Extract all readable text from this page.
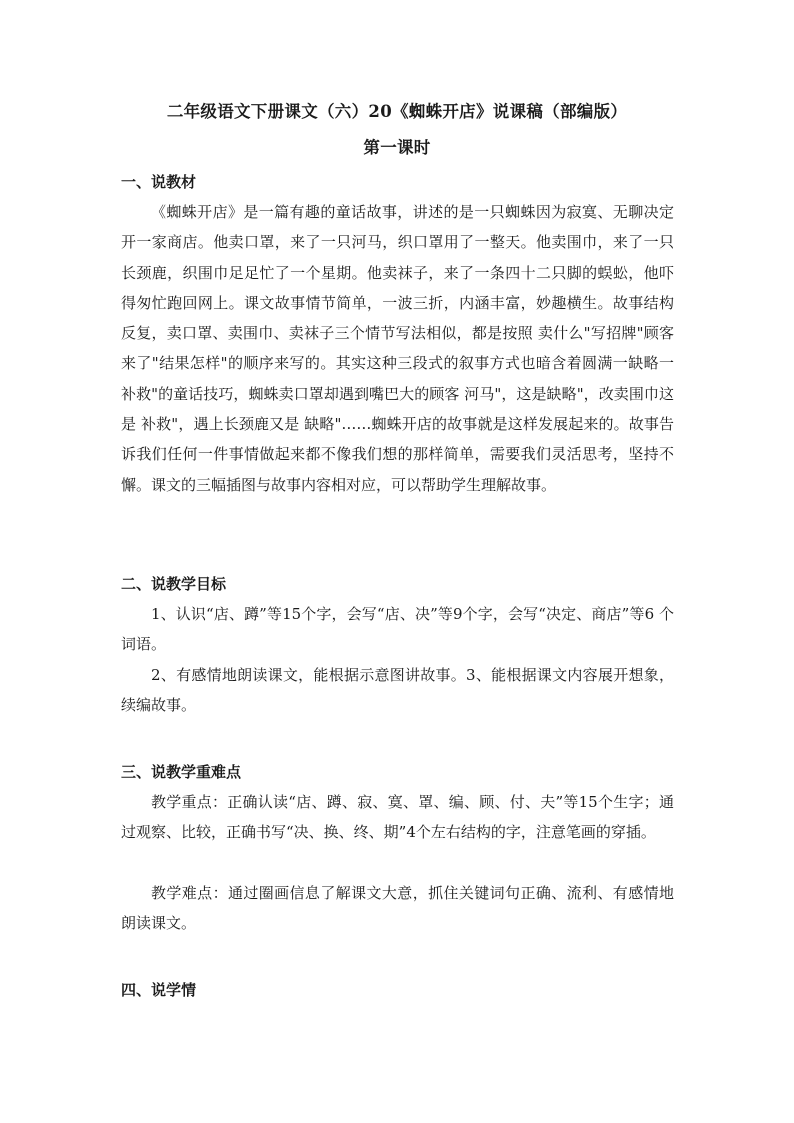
二年级语文下册课文（六）20《蜘蛛开店》说课稿（部编版）
第一课时
一、说教材

《蜘蛛开店》是一篇有趣的童话故事，讲述的是一只蜘蛛因为寂寞、无聊决定开一家商店。他卖口罩，来了一只河马，织口罩用了一整天。他卖围巾，来了一只长颈鹿，织围巾足足忙了一个星期。他卖袜子，来了一条四十二只脚的蜈蚣，他吓得匆忙跑回网上。课文故事情节简单，一波三折，内涵丰富，妙趣横生。故事结构反复，卖口罩、卖围巾、卖袜子三个情节写法相似，都是按照 卖什么"写招牌"顾客来了"结果怎样"的顺序来写的。其实这种三段式的叙事方式也暗含着圆满一缺略一补救"的童话技巧，蜘蛛卖口罩却遇到嘴巴大的顾客 河马"，这是缺略"，改卖围巾这是 补救"，遇上长颈鹿又是 缺略"……蜘蛛开店的故事就是这样发展起来的。故事告诉我们任何一件事情做起来都不像我们想的那样简单，需要我们灵活思考，坚持不懈。课文的三幅插图与故事内容相对应，可以帮助学生理解故事。

二、说教学目标

1、认识“店、蹲”等15个字，会写“店、决”等9个字，会写“决定、商店”等6 个词语。

2、有感情地朗读课文，能根据示意图讲故事。3、能根据课文内容展开想象，续编故事。

三、说教学重难点

教学重点：正确认读“店、蹲、寂、寞、罩、编、顾、付、夫”等15个生字；通过观察、比较，正确书写“决、换、终、期”4个左右结构的字，注意笔画的穿插。

教学难点：通过圈画信息了解课文大意，抓住关键词句正确、流利、有感情地朗读课文。

四、说学情
